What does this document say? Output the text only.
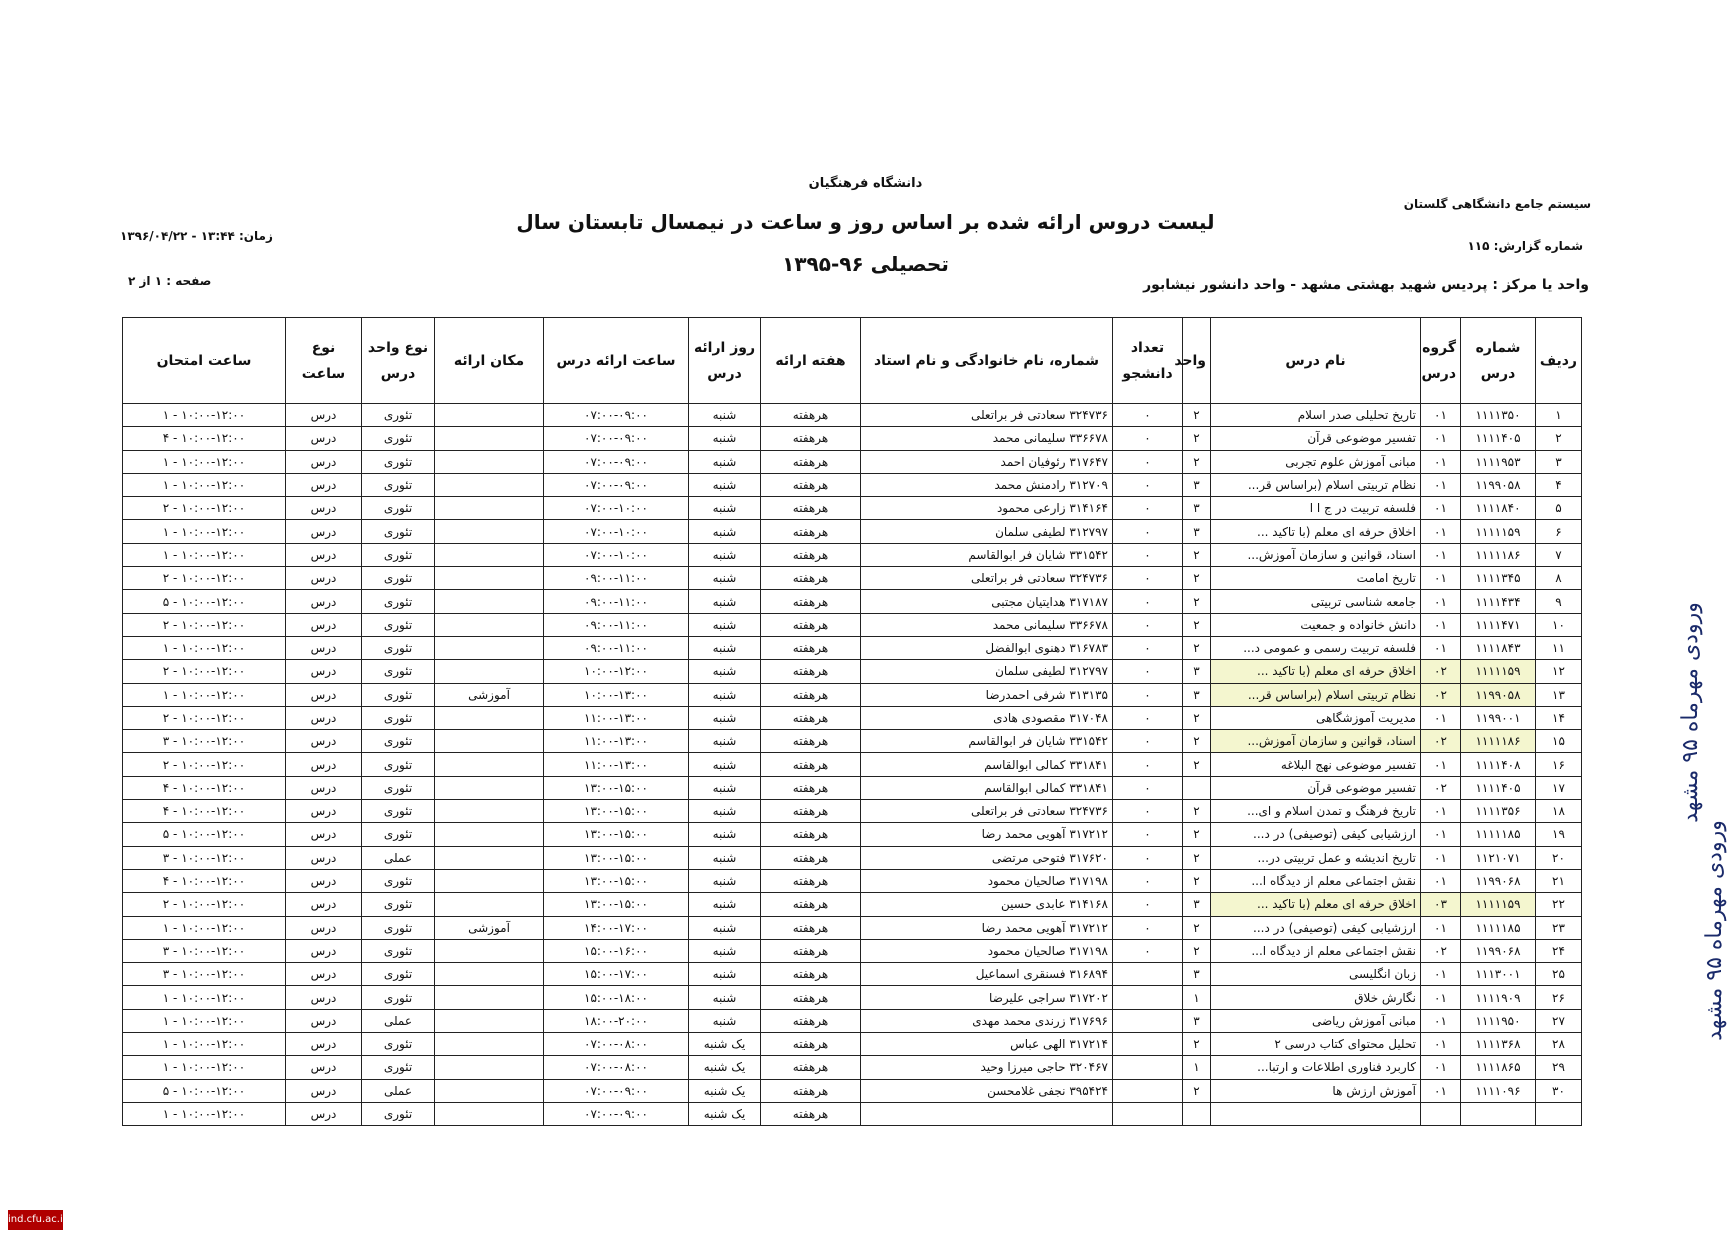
دانشگاه فرهنگیان
سیستم جامع دانشگاهی گلستان
شماره گزارش: ۱۱۵
زمان: ۱۳:۴۴ - ۱۳۹۶/۰۴/۲۲
صفحه : ۱ از ۲
لیست دروس ارائه شده بر اساس روز و ساعت در نیمسال تابستان سال
تحصیلی ۹۶-۱۳۹۵
واحد یا مرکز : پردیس شهید بهشتی مشهد - واحد دانشور نیشابور
ردیف	شماره درس	گروه درس	نام درس	واحد	تعداد دانشجو	شماره، نام خانوادگی و نام استاد	هفته ارائه	روز ارائه درس	ساعت ارائه درس	مکان ارائه	نوع واحد درس	نوع ساعت	ساعت امتحان
۱	۱۱۱۱۳۵۰	۰۱	تاریخ تحلیلی صدر اسلام	۲	۰	۳۲۴۷۳۶ سعادتی فر براتعلی	هرهفته	شنبه	۰۷:۰۰-۰۹:۰۰		تئوری	درس	۱ - ۱۰:۰۰-۱۲:۰۰
۲	۱۱۱۱۴۰۵	۰۱	تفسیر موضوعی قرآن	۲	۰	۳۳۶۶۷۸ سلیمانی محمد	هرهفته	شنبه	۰۷:۰۰-۰۹:۰۰		تئوری	درس	۴ - ۱۰:۰۰-۱۲:۰۰
۳	۱۱۱۱۹۵۳	۰۱	مبانی آموزش علوم تجربی	۲	۰	۳۱۷۶۴۷ رئوفیان احمد	هرهفته	شنبه	۰۷:۰۰-۰۹:۰۰		تئوری	درس	۱ - ۱۰:۰۰-۱۲:۰۰
۴	۱۱۹۹۰۵۸	۰۱	نظام تربیتی اسلام (براساس قر...	۳	۰	۳۱۲۷۰۹ رادمنش محمد	هرهفته	شنبه	۰۷:۰۰-۰۹:۰۰		تئوری	درس	۱ - ۱۰:۰۰-۱۲:۰۰
۵	۱۱۱۱۸۴۰	۰۱	فلسفه تربیت در ج ا ا	۳	۰	۳۱۴۱۶۴ زارعی محمود	هرهفته	شنبه	۰۷:۰۰-۱۰:۰۰		تئوری	درس	۲ - ۱۰:۰۰-۱۲:۰۰
۶	۱۱۱۱۱۵۹	۰۱	اخلاق حرفه ای معلم (با تاکید ...	۳	۰	۳۱۲۷۹۷ لطیفی سلمان	هرهفته	شنبه	۰۷:۰۰-۱۰:۰۰		تئوری	درس	۱ - ۱۰:۰۰-۱۲:۰۰
۷	۱۱۱۱۱۸۶	۰۱	اسناد، قوانین و سازمان آموزش...	۲	۰	۳۳۱۵۴۲ شایان فر ابوالقاسم	هرهفته	شنبه	۰۷:۰۰-۱۰:۰۰		تئوری	درس	۱ - ۱۰:۰۰-۱۲:۰۰
۸	۱۱۱۱۳۴۵	۰۱	تاریخ امامت	۲	۰	۳۲۴۷۳۶ سعادتی فر براتعلی	هرهفته	شنبه	۰۹:۰۰-۱۱:۰۰		تئوری	درس	۲ - ۱۰:۰۰-۱۲:۰۰
۹	۱۱۱۱۴۳۴	۰۱	جامعه شناسی تربیتی	۲	۰	۳۱۷۱۸۷ هدایتیان مجتبی	هرهفته	شنبه	۰۹:۰۰-۱۱:۰۰		تئوری	درس	۵ - ۱۰:۰۰-۱۲:۰۰
۱۰	۱۱۱۱۴۷۱	۰۱	دانش خانواده و جمعیت	۲	۰	۳۳۶۶۷۸ سلیمانی محمد	هرهفته	شنبه	۰۹:۰۰-۱۱:۰۰		تئوری	درس	۲ - ۱۰:۰۰-۱۲:۰۰
۱۱	۱۱۱۱۸۴۳	۰۱	فلسفه تربیت رسمی و عمومی د...	۲	۰	۳۱۶۷۸۳ دهنوی ابوالفضل	هرهفته	شنبه	۰۹:۰۰-۱۱:۰۰		تئوری	درس	۱ - ۱۰:۰۰-۱۲:۰۰
۱۲	۱۱۱۱۱۵۹	۰۲	اخلاق حرفه ای معلم (با تاکید ...	۳	۰	۳۱۲۷۹۷ لطیفی سلمان	هرهفته	شنبه	۱۰:۰۰-۱۲:۰۰		تئوری	درس	۲ - ۱۰:۰۰-۱۲:۰۰
۱۳	۱۱۹۹۰۵۸	۰۲	نظام تربیتی اسلام (براساس قر...	۳	۰	۳۱۳۱۳۵ شرفی احمدرضا	هرهفته	شنبه	۱۰:۰۰-۱۳:۰۰	آموزشی	تئوری	درس	۱ - ۱۰:۰۰-۱۲:۰۰
۱۴	۱۱۹۹۰۰۱	۰۱	مدیریت آموزشگاهی	۲	۰	۳۱۷۰۴۸ مقصودی هادی	هرهفته	شنبه	۱۱:۰۰-۱۳:۰۰		تئوری	درس	۲ - ۱۰:۰۰-۱۲:۰۰
۱۵	۱۱۱۱۱۸۶	۰۲	اسناد، قوانین و سازمان آموزش...	۲	۰	۳۳۱۵۴۲ شایان فر ابوالقاسم	هرهفته	شنبه	۱۱:۰۰-۱۳:۰۰		تئوری	درس	۳ - ۱۰:۰۰-۱۲:۰۰
۱۶	۱۱۱۱۴۰۸	۰۱	تفسیر موضوعی نهج البلاغه	۲	۰	۳۳۱۸۴۱ کمالی ابوالقاسم	هرهفته	شنبه	۱۱:۰۰-۱۳:۰۰		تئوری	درس	۲ - ۱۰:۰۰-۱۲:۰۰
۱۷	۱۱۱۱۴۰۵	۰۲	تفسیر موضوعی قرآن		۰	۳۳۱۸۴۱ کمالی ابوالقاسم	هرهفته	شنبه	۱۳:۰۰-۱۵:۰۰		تئوری	درس	۴ - ۱۰:۰۰-۱۲:۰۰
۱۸	۱۱۱۱۳۵۶	۰۱	تاریخ فرهنگ و تمدن اسلام و ای...	۲	۰	۳۲۴۷۳۶ سعادتی فر براتعلی	هرهفته	شنبه	۱۳:۰۰-۱۵:۰۰		تئوری	درس	۴ - ۱۰:۰۰-۱۲:۰۰
۱۹	۱۱۱۱۱۸۵	۰۱	ارزشیابی کیفی (توصیفی) در د...	۲	۰	۳۱۷۲۱۲ آهویی محمد رضا	هرهفته	شنبه	۱۳:۰۰-۱۵:۰۰		تئوری	درس	۵ - ۱۰:۰۰-۱۲:۰۰
۲۰	۱۱۲۱۰۷۱	۰۱	تاریخ اندیشه و عمل تربیتی در...	۲	۰	۳۱۷۶۲۰ فتوحی مرتضی	هرهفته	شنبه	۱۳:۰۰-۱۵:۰۰		عملی	درس	۳ - ۱۰:۰۰-۱۲:۰۰
۲۱	۱۱۹۹۰۶۸	۰۱	نقش اجتماعی معلم از دیدگاه ا...	۲	۰	۳۱۷۱۹۸ صالحیان محمود	هرهفته	شنبه	۱۳:۰۰-۱۵:۰۰		تئوری	درس	۴ - ۱۰:۰۰-۱۲:۰۰
۲۲	۱۱۱۱۱۵۹	۰۳	اخلاق حرفه ای معلم (با تاکید ...	۳	۰	۳۱۴۱۶۸ عابدی حسین	هرهفته	شنبه	۱۳:۰۰-۱۵:۰۰		تئوری	درس	۲ - ۱۰:۰۰-۱۲:۰۰
۲۳	۱۱۱۱۱۸۵	۰۱	ارزشیابی کیفی (توصیفی) در د...	۲	۰	۳۱۷۲۱۲ آهویی محمد رضا	هرهفته	شنبه	۱۴:۰۰-۱۷:۰۰	آموزشی	تئوری	درس	۱ - ۱۰:۰۰-۱۲:۰۰
۲۴	۱۱۹۹۰۶۸	۰۲	نقش اجتماعی معلم از دیدگاه ا...	۲	۰	۳۱۷۱۹۸ صالحیان محمود	هرهفته	شنبه	۱۵:۰۰-۱۶:۰۰		تئوری	درس	۳ - ۱۰:۰۰-۱۲:۰۰
۲۵	۱۱۱۳۰۰۱	۰۱	زبان انگلیسی	۳		۳۱۶۸۹۴ فسنقری اسماعیل	هرهفته	شنبه	۱۵:۰۰-۱۷:۰۰		تئوری	درس	۳ - ۱۰:۰۰-۱۲:۰۰
۲۶	۱۱۱۱۹۰۹	۰۱	نگارش خلاق	۱		۳۱۷۲۰۲ سراجی علیرضا	هرهفته	شنبه	۱۵:۰۰-۱۸:۰۰		تئوری	درس	۱ - ۱۰:۰۰-۱۲:۰۰
۲۷	۱۱۱۱۹۵۰	۰۱	مبانی آموزش ریاضی	۳		۳۱۷۶۹۶ زرندی محمد مهدی	هرهفته	شنبه	۱۸:۰۰-۲۰:۰۰		عملی	درس	۱ - ۱۰:۰۰-۱۲:۰۰
۲۸	۱۱۱۱۳۶۸	۰۱	تحلیل محتوای کتاب درسی ۲	۲		۳۱۷۲۱۴ الهی عباس	هرهفته	یک شنبه	۰۷:۰۰-۰۸:۰۰		تئوری	درس	۱ - ۱۰:۰۰-۱۲:۰۰
۲۹	۱۱۱۱۸۶۵	۰۱	کاربرد فناوری اطلاعات و ارتبا...	۱		۳۲۰۴۶۷ حاجی میرزا وحید	هرهفته	یک شنبه	۰۷:۰۰-۰۸:۰۰		تئوری	درس	۱ - ۱۰:۰۰-۱۲:۰۰
۳۰	۱۱۱۱۰۹۶	۰۱	آموزش ارزش ها	۲		۳۹۵۴۲۴ نجفی غلامحسن	هرهفته	یک شنبه	۰۷:۰۰-۰۹:۰۰		عملی	درس	۵ - ۱۰:۰۰-۱۲:۰۰
							هرهفته	یک شنبه	۰۷:۰۰-۰۹:۰۰		تئوری	درس	۱ - ۱۰:۰۰-۱۲:۰۰
ورودی مهرماه ۹۵ مشهد
ورودی مهرماه ۹۵ مشهد
ind.cfu.ac.ir
